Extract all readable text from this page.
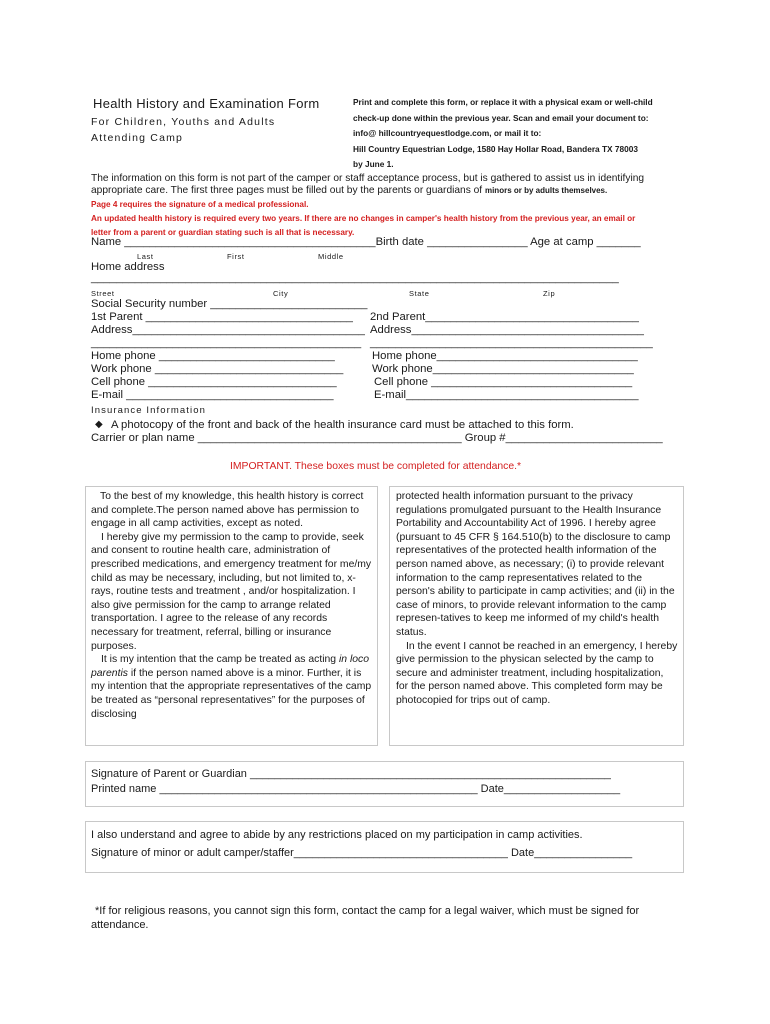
Health History and Examination Form
For Children, Youths and Adults
Attending Camp
Print and complete this form, or replace it with a physical exam or well-child
check-up done within the previous year. Scan and email your document to:
info@ hillcountryequestlodge.com, or mail it to:
Hill Country Equestrian Lodge, 1580 Hay Hollar Road, Bandera TX 78003
by June 1.
The information on this form is not part of the camper or staff acceptance process, but is gathered to assist us in identifying
appropriate care. The first three pages must be filled out by the parents or guardians of minors or by adults themselves.
Page 4 requires the signature of a medical professional.
An updated health history is required every two years. If there are no changes in camper's health history from the previous year, an email or
letter from a parent or guardian stating such is all that is necessary.
Name ________________________________________Birth date ________________ Age at camp _______
Last	First	Middle
Home address
____________________________________________________________________________________
Street	City	State	Zip
Social Security number _________________________
1st Parent _________________________________ 2nd Parent__________________________________
Address_____________________________________ Address_____________________________________
___________________________________________ _____________________________________________
Home phone ____________________________	Home phone________________________________
Work phone ______________________________	Work phone________________________________
Cell phone ______________________________	Cell phone ________________________________
E-mail _________________________________	E-mail_____________________________________
Insurance Information
◆ A photocopy of the front and back of the health insurance card must be attached to this form.
Carrier or plan name __________________________________________ Group #_________________________
IMPORTANT. These boxes must be completed for attendance.*

To the best of my knowledge, this health history is correct and complete.The person named above has permission to engage in all camp activities, except as noted.

I hereby give my permission to the camp to provide, seek and consent to routine health care, administration of prescribed medications, and emergency treatment for me/my child as may be necessary, including, but not limited to, x-rays, routine tests and treatment , and/or hospitalization. I also give permission for the camp to arrange related transportation. I agree to the release of any records necessary for treatment, referral, billing or insurance purposes.

It is my intention that the camp be treated as acting in loco parentis if the person named above is a minor. Further, it is my intention that the appropriate representatives of the camp be treated as “personal representatives” for the purposes of disclosing

protected health information pursuant to the privacy regulations promulgated pursuant to the Health Insurance Portability and Accountability Act of 1996. I hereby agree (pursuant to 45 CFR § 164.510(b) to the disclosure to camp representatives of the protected health information of the person named above, as necessary; (i) to provide relevant information to the camp representatives related to the person's ability to participate in camp activities; and (ii) in the case of minors, to provide relevant information to the camp represen-tatives to keep me informed of my child's health status.

In the event I cannot be reached in an emergency, I hereby give permission to the physican selected by the camp to secure and administer treatment, including hospitalization, for the person named above. This completed form may be photocopied for trips out of camp.

Signature of Parent or Guardian ___________________________________________________________
Printed name ____________________________________________________ Date___________________
I also understand and agree to abide by any restrictions placed on my participation in camp activities.
Signature of minor or adult camper/staffer___________________________________ Date________________
*If for religious reasons, you cannot sign this form, contact the camp for a legal waiver, which must be signed for attendance.
